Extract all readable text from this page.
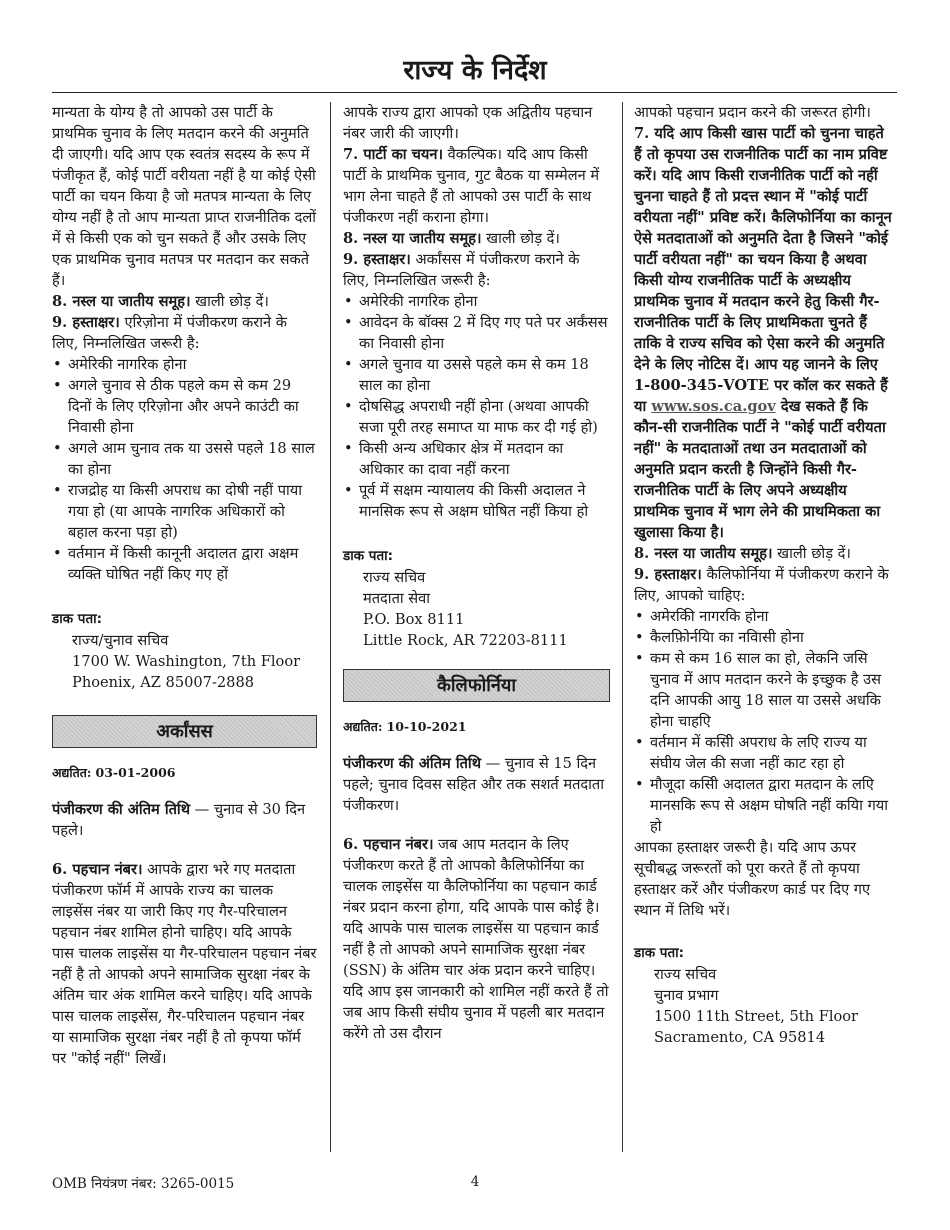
राज्य के निर्देश

मान्यता के योग्य है तो आपको उस पार्टी के प्राथमिक चुनाव के लिए मतदान करने की अनुमति दी जाएगी। यदि आप एक स्वतंत्र सदस्य के रूप में पंजीकृत हैं, कोई पार्टी वरीयता नहीं है या कोई ऐसी पार्टी का चयन किया है जो मतपत्र मान्यता के लिए योग्य नहीं है तो आप मान्यता प्राप्त राजनीतिक दलों में से किसी एक को चुन सकते हैं और उसके लिए एक प्राथमिक चुनाव मतपत्र पर मतदान कर सकते हैं।

8. नस्ल या जातीय समूह। खाली छोड़ दें।

9. हस्ताक्षर। एरिज़ोना में पंजीकरण कराने के लिए, निम्नलिखित जरूरी है:

• अमेरिकी नागरिक होना
• अगले चुनाव से ठीक पहले कम से कम 29 दिनों के लिए एरिज़ोना और अपने काउंटी का निवासी होना
• अगले आम चुनाव तक या उससे पहले 18 साल का होना
• राजद्रोह या किसी अपराध का दोषी नहीं पाया गया हो (या आपके नागरिक अधिकारों को बहाल करना पड़ा हो)
• वर्तमान में किसी कानूनी अदालत द्वारा अक्षम व्यक्ति घोषित नहीं किए गए हों

डाक पता:

राज्य/चुनाव सचिव

1700 W. Washington, 7th Floor

Phoenix, AZ 85007-2888

अर्कांसस

अद्यतित: 03-01-2006

पंजीकरण की अंतिम तिथि — चुनाव से 30 दिन पहले।

6. पहचान नंबर। आपके द्वारा भरे गए मतदाता पंजीकरण फॉर्म में आपके राज्य का चालक लाइसेंस नंबर या जारी किए गए गैर-परिचालन पहचान नंबर शामिल होनो चाहिए। यदि आपके पास चालक लाइसेंस या गैर-परिचालन पहचान नंबर नहीं है तो आपको अपने सामाजिक सुरक्षा नंबर के अंतिम चार अंक शामिल करने चाहिए। यदि आपके पास चालक लाइसेंस, गैर-परिचालन पहचान नंबर या सामाजिक सुरक्षा नंबर नहीं है तो कृपया फॉर्म पर "कोई नहीं" लिखें।

आपके राज्य द्वारा आपको एक अद्वितीय पहचान नंबर जारी की जाएगी।

7. पार्टी का चयन। वैकल्पिक। यदि आप किसी पार्टी के प्राथमिक चुनाव, गुट बैठक या सम्मेलन में भाग लेना चाहते हैं तो आपको उस पार्टी के साथ पंजीकरण नहीं कराना होगा।

8. नस्ल या जातीय समूह। खाली छोड़ दें।

9. हस्ताक्षर। अर्कांसस में पंजीकरण कराने के लिए, निम्नलिखित जरूरी है:

• अमेरिकी नागरिक होना
• आवेदन के बॉक्स 2 में दिए गए पते पर अर्कंसस का निवासी होना
• अगले चुनाव या उससे पहले कम से कम 18 साल का होना
• दोषसिद्ध अपराधी नहीं होना (अथवा आपकी सजा पूरी तरह समाप्त या माफ कर दी गई हो)
• किसी अन्य अधिकार क्षेत्र में मतदान का अधिकार का दावा नहीं करना
• पूर्व में सक्षम न्यायालय की किसी अदालत ने मानसिक रूप से अक्षम घोषित नहीं किया हो

डाक पता:

राज्य सचिव

मतदाता सेवा

P.O. Box 8111

Little Rock, AR 72203-8111

कैलिफोर्निया

अद्यतित: 10-10-2021

पंजीकरण की अंतिम तिथि — चुनाव से 15 दिन पहले; चुनाव दिवस सहित और तक सशर्त मतदाता पंजीकरण।

6. पहचान नंबर। जब आप मतदान के लिए पंजीकरण करते हैं तो आपको कैलिफोर्निया का चालक लाइसेंस या कैलिफोर्निया का पहचान कार्ड नंबर प्रदान करना होगा, यदि आपके पास कोई है। यदि आपके पास चालक लाइसेंस या पहचान कार्ड नहीं है तो आपको अपने सामाजिक सुरक्षा नंबर (SSN) के अंतिम चार अंक प्रदान करने चाहिए। यदि आप इस जानकारी को शामिल नहीं करते हैं तो जब आप किसी संघीय चुनाव में पहली बार मतदान करेंगे तो उस दौरान

आपको पहचान प्रदान करने की जरूरत होगी।

7. यदि आप किसी खास पार्टी को चुनना चाहते हैं तो कृपया उस राजनीतिक पार्टी का नाम प्रविष्ट करें। यदि आप किसी राजनीतिक पार्टी को नहीं चुनना चाहते हैं तो प्रदत्त स्थान में "कोई पार्टी वरीयता नहीं" प्रविष्ट करें। कैलिफोर्निया का कानून ऐसे मतदाताओं को अनुमति देता है जिसने "कोई पार्टी वरीयता नहीं" का चयन किया है अथवा किसी योग्य राजनीतिक पार्टी के अध्यक्षीय प्राथमिक चुनाव में मतदान करने हेतु किसी गैर-राजनीतिक पार्टी के लिए प्राथमिकता चुनते हैं ताकि वे राज्य सचिव को ऐसा करने की अनुमति देने के लिए नोटिस दें। आप यह जानने के लिए 1-800-345-VOTE पर कॉल कर सकते हैं या www.sos.ca.gov देख सकते हैं कि कौन-सी राजनीतिक पार्टी ने "कोई पार्टी वरीयता नहीं" के मतदाताओं तथा उन मतदाताओं को अनुमति प्रदान करती है जिन्होंने किसी गैर-राजनीतिक पार्टी के लिए अपने अध्यक्षीय प्राथमिक चुनाव में भाग लेने की प्राथमिकता का खुलासा किया है।

8. नस्ल या जातीय समूह। खाली छोड़ दें।

9. हस्ताक्षर। कैलिफोर्निया में पंजीकरण कराने के लिए, आपको चाहिए:

• अमेरकिी नागरकि होना
• कैलफ़िोर्नयिा का नविासी होना
• कम से कम 16 साल का हो, लेकनि जसि चुनाव में आप मतदान करने के इच्छुक है उस दनि आपकी आयु 18 साल या उससे अधकि होना चाहएि
• वर्तमान में कसिी अपराध के लएि राज्य या संघीय जेल की सजा नहीं काट रहा हो
• मौजूदा कसिी अदालत द्वारा मतदान के लएि मानसकि रूप से अक्षम घोषति नहीं कयिा गया हो

आपका हस्ताक्षर जरूरी है। यदि आप ऊपर सूचीबद्ध जरूरतों को पूरा करते हैं तो कृपया हस्ताक्षर करें और पंजीकरण कार्ड पर दिए गए स्थान में तिथि भरें।

डाक पता:

राज्य सचिव

चुनाव प्रभाग

1500 11th Street, 5th Floor

Sacramento, CA 95814

OMB नियंत्रण नंबर: 3265-0015	4
